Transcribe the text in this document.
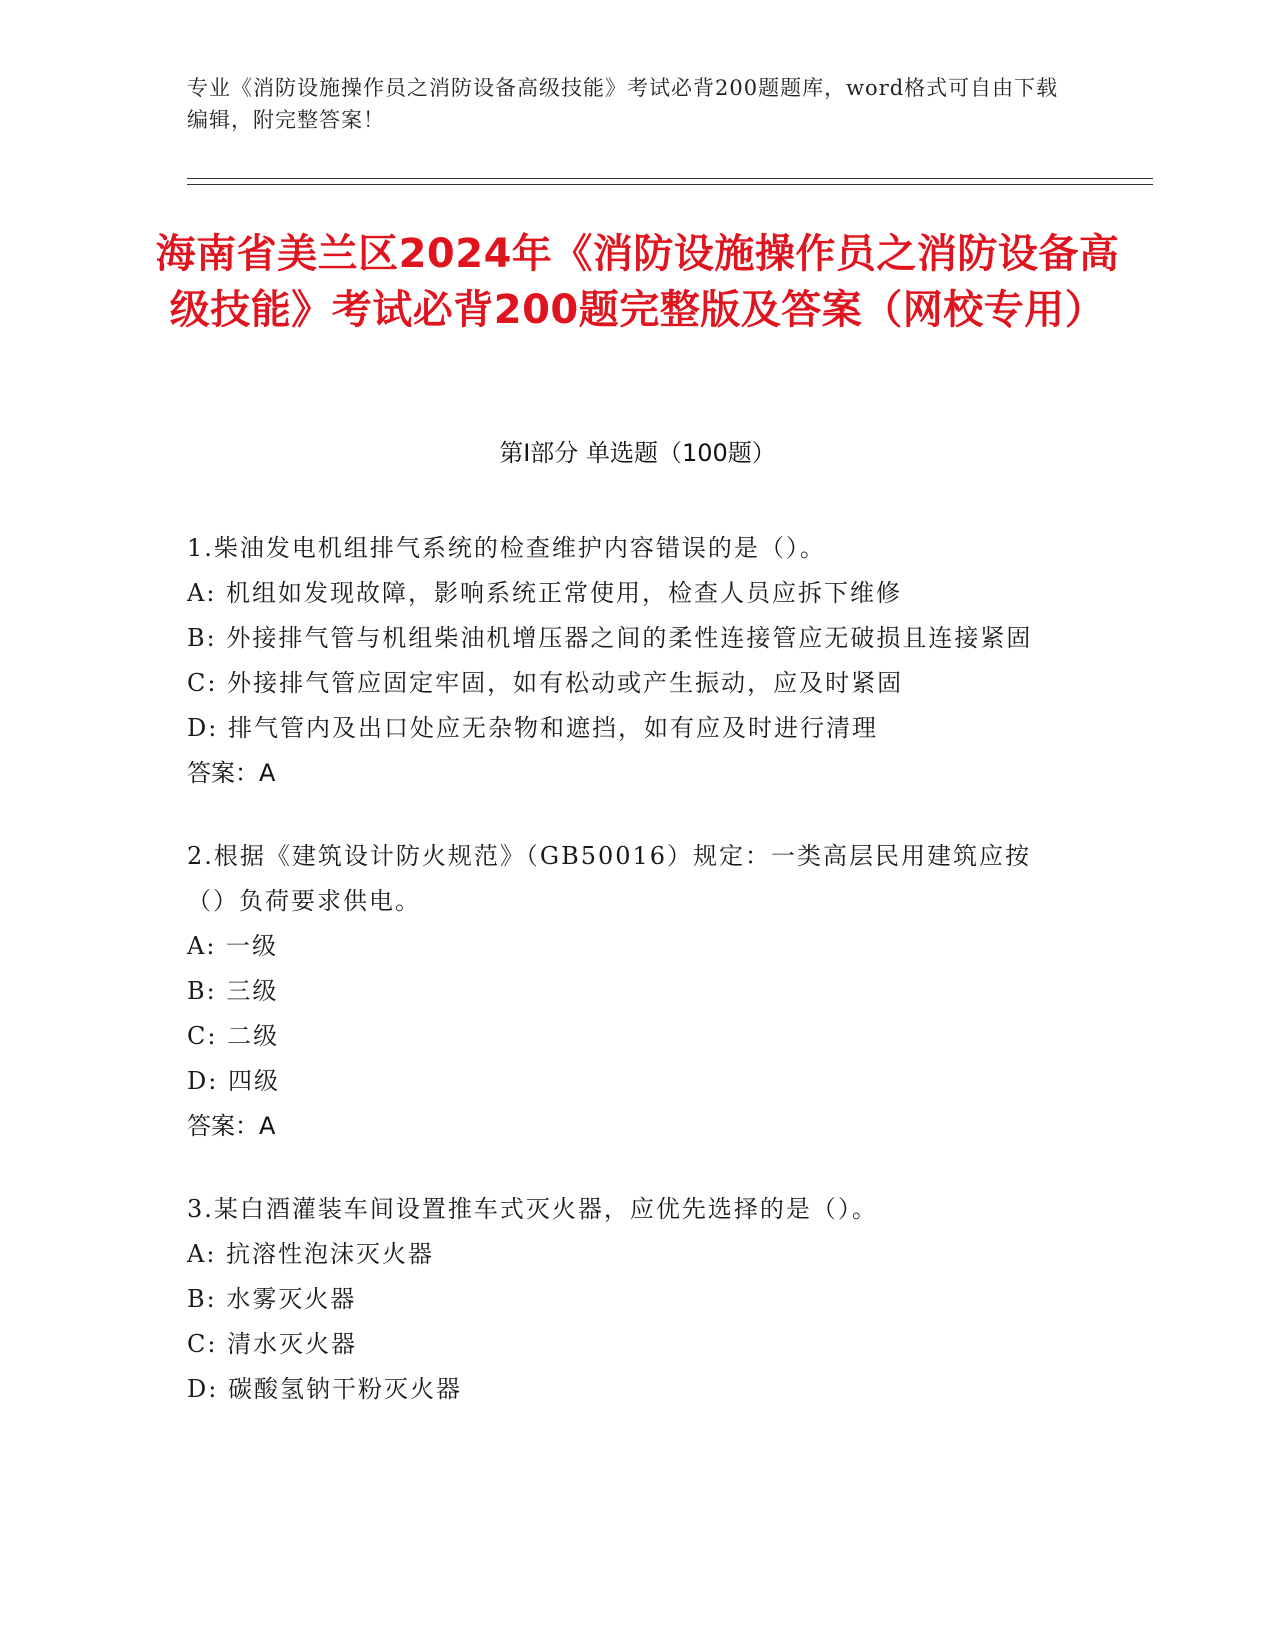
专业《消防设施操作员之消防设备高级技能》考试必背200题题库，word格式可自由下载编辑，附完整答案！
海南省美兰区2024年《消防设施操作员之消防设备高级技能》考试必背200题完整版及答案（网校专用）
第Ⅰ部分 单选题（100题）
1.柴油发电机组排气系统的检查维护内容错误的是（）。
A: 机组如发现故障，影响系统正常使用，检查人员应拆下维修
B: 外接排气管与机组柴油机增压器之间的柔性连接管应无破损且连接紧固
C: 外接排气管应固定牢固，如有松动或产生振动，应及时紧固
D: 排气管内及出口处应无杂物和遮挡，如有应及时进行清理
答案：A
2.根据《建筑设计防火规范》（GB50016）规定：一类高层民用建筑应按（）负荷要求供电。
A: 一级
B: 三级
C: 二级
D: 四级
答案：A
3.某白酒灌装车间设置推车式灭火器，应优先选择的是（）。
A: 抗溶性泡沫灭火器
B: 水雾灭火器
C: 清水灭火器
D: 碳酸氢钠干粉灭火器
